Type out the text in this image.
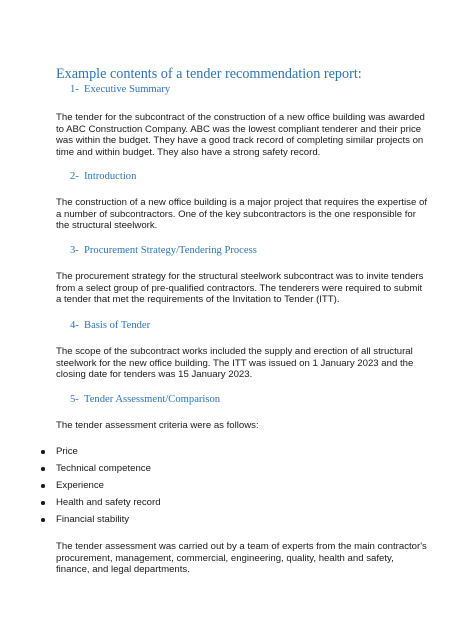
Example contents of a tender recommendation report:
1- Executive Summary
The tender for the subcontract of the construction of a new office building was awarded
to ABC Construction Company. ABC was the lowest compliant tenderer and their price
was within the budget. They have a good track record of completing similar projects on
time and within budget. They also have a strong safety record.
2- Introduction
The construction of a new office building is a major project that requires the expertise of
a number of subcontractors. One of the key subcontractors is the one responsible for
the structural steelwork.
3- Procurement Strategy/Tendering Process
The procurement strategy for the structural steelwork subcontract was to invite tenders
from a select group of pre-qualified contractors. The tenderers were required to submit
a tender that met the requirements of the Invitation to Tender (ITT).
4- Basis of Tender
The scope of the subcontract works included the supply and erection of all structural
steelwork for the new office building. The ITT was issued on 1 January 2023 and the
closing date for tenders was 15 January 2023.
5- Tender Assessment/Comparison
The tender assessment criteria were as follows:
Price
Technical competence
Experience
Health and safety record
Financial stability
The tender assessment was carried out by a team of experts from the main contractor's
procurement, management, commercial, engineering, quality, health and safety,
finance, and legal departments.
